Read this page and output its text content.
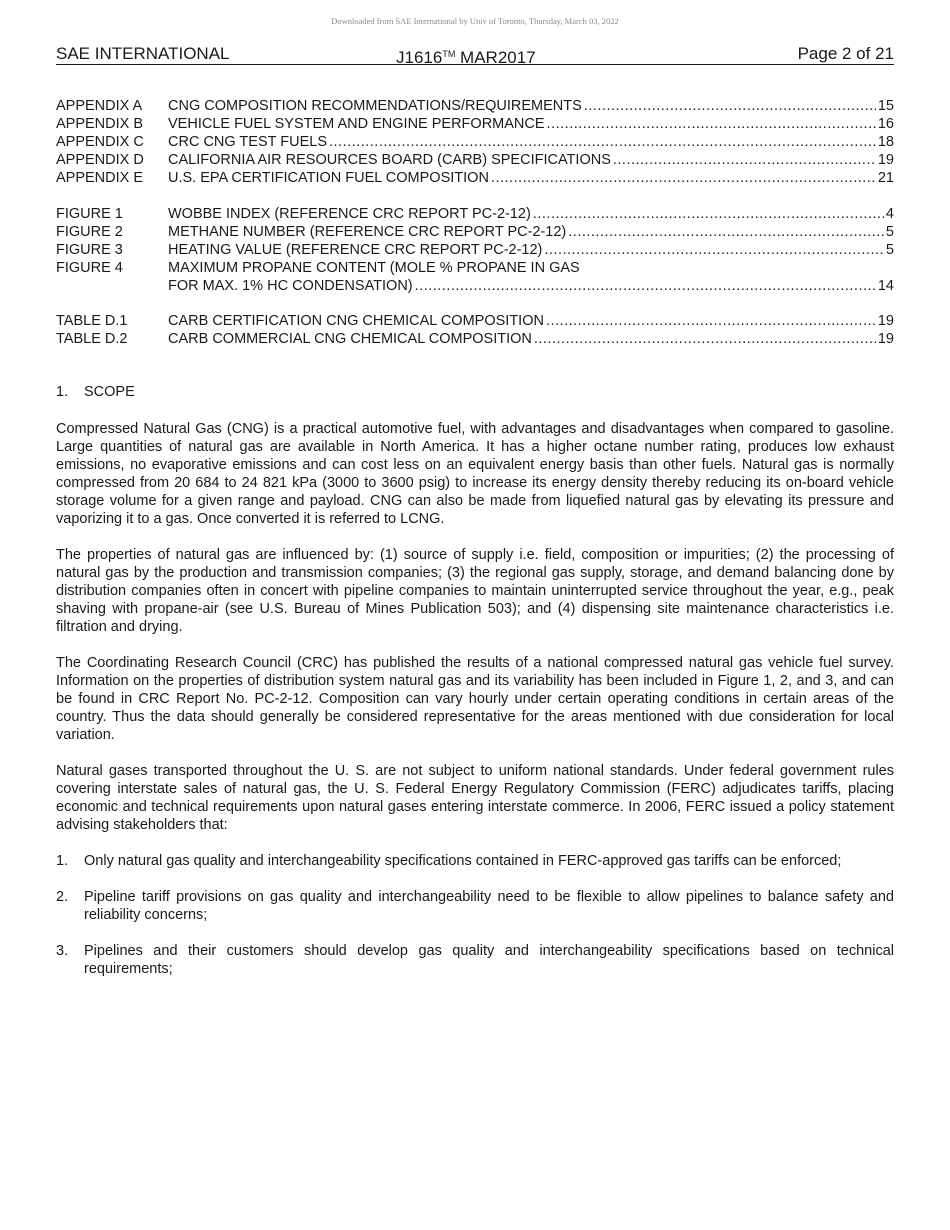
Downloaded from SAE International by Univ of Toronto, Thursday, March 03, 2022
SAE INTERNATIONAL	J1616™ MAR2017	Page 2 of 21
APPENDIX A CNG COMPOSITION RECOMMENDATIONS/REQUIREMENTS .....	15
APPENDIX B VEHICLE FUEL SYSTEM AND ENGINE PERFORMANCE .....	16
APPENDIX C CRC CNG TEST FUELS .....	18
APPENDIX D CALIFORNIA AIR RESOURCES BOARD (CARB) SPECIFICATIONS .....	19
APPENDIX E U.S. EPA CERTIFICATION FUEL COMPOSITION .....	21
FIGURE 1	WOBBE INDEX (REFERENCE CRC REPORT PC-2-12) .....	4
FIGURE 2	METHANE NUMBER (REFERENCE CRC REPORT PC-2-12) .....	5
FIGURE 3	HEATING VALUE (REFERENCE CRC REPORT PC-2-12) .....	5
FIGURE 4	MAXIMUM PROPANE CONTENT (MOLE % PROPANE IN GAS
FOR MAX. 1% HC CONDENSATION) .....	14
TABLE D.1	CARB CERTIFICATION CNG CHEMICAL COMPOSITION .....	19
TABLE D.2	CARB COMMERCIAL CNG CHEMICAL COMPOSITION .....	19
1. SCOPE

Compressed Natural Gas (CNG) is a practical automotive fuel, with advantages and disadvantages when compared to gasoline. Large quantities of natural gas are available in North America. It has a higher octane number rating, produces low exhaust emissions, no evaporative emissions and can cost less on an equivalent energy basis than other fuels. Natural gas is normally compressed from 20 684 to 24 821 kPa (3000 to 3600 psig) to increase its energy density thereby reducing its on-board vehicle storage volume for a given range and payload. CNG can also be made from liquefied natural gas by elevating its pressure and vaporizing it to a gas. Once converted it is referred to LCNG.

The properties of natural gas are influenced by: (1) source of supply i.e. field, composition or impurities; (2) the processing of natural gas by the production and transmission companies; (3) the regional gas supply, storage, and demand balancing done by distribution companies often in concert with pipeline companies to maintain uninterrupted service throughout the year, e.g., peak shaving with propane-air (see U.S. Bureau of Mines Publication 503); and (4) dispensing site maintenance characteristics i.e. filtration and drying.

The Coordinating Research Council (CRC) has published the results of a national compressed natural gas vehicle fuel survey. Information on the properties of distribution system natural gas and its variability has been included in Figure 1, 2, and 3, and can be found in CRC Report No. PC-2-12. Composition can vary hourly under certain operating conditions in certain areas of the country. Thus the data should generally be considered representative for the areas mentioned with due consideration for local variation.

Natural gases transported throughout the U. S. are not subject to uniform national standards. Under federal government rules covering interstate sales of natural gas, the U. S. Federal Energy Regulatory Commission (FERC) adjudicates tariffs, placing economic and technical requirements upon natural gases entering interstate commerce. In 2006, FERC issued a policy statement advising stakeholders that:

1. Only natural gas quality and interchangeability specifications contained in FERC-approved gas tariffs can be enforced;
2. Pipeline tariff provisions on gas quality and interchangeability need to be flexible to allow pipelines to balance safety and reliability concerns;
3. Pipelines and their customers should develop gas quality and interchangeability specifications based on technical requirements;
